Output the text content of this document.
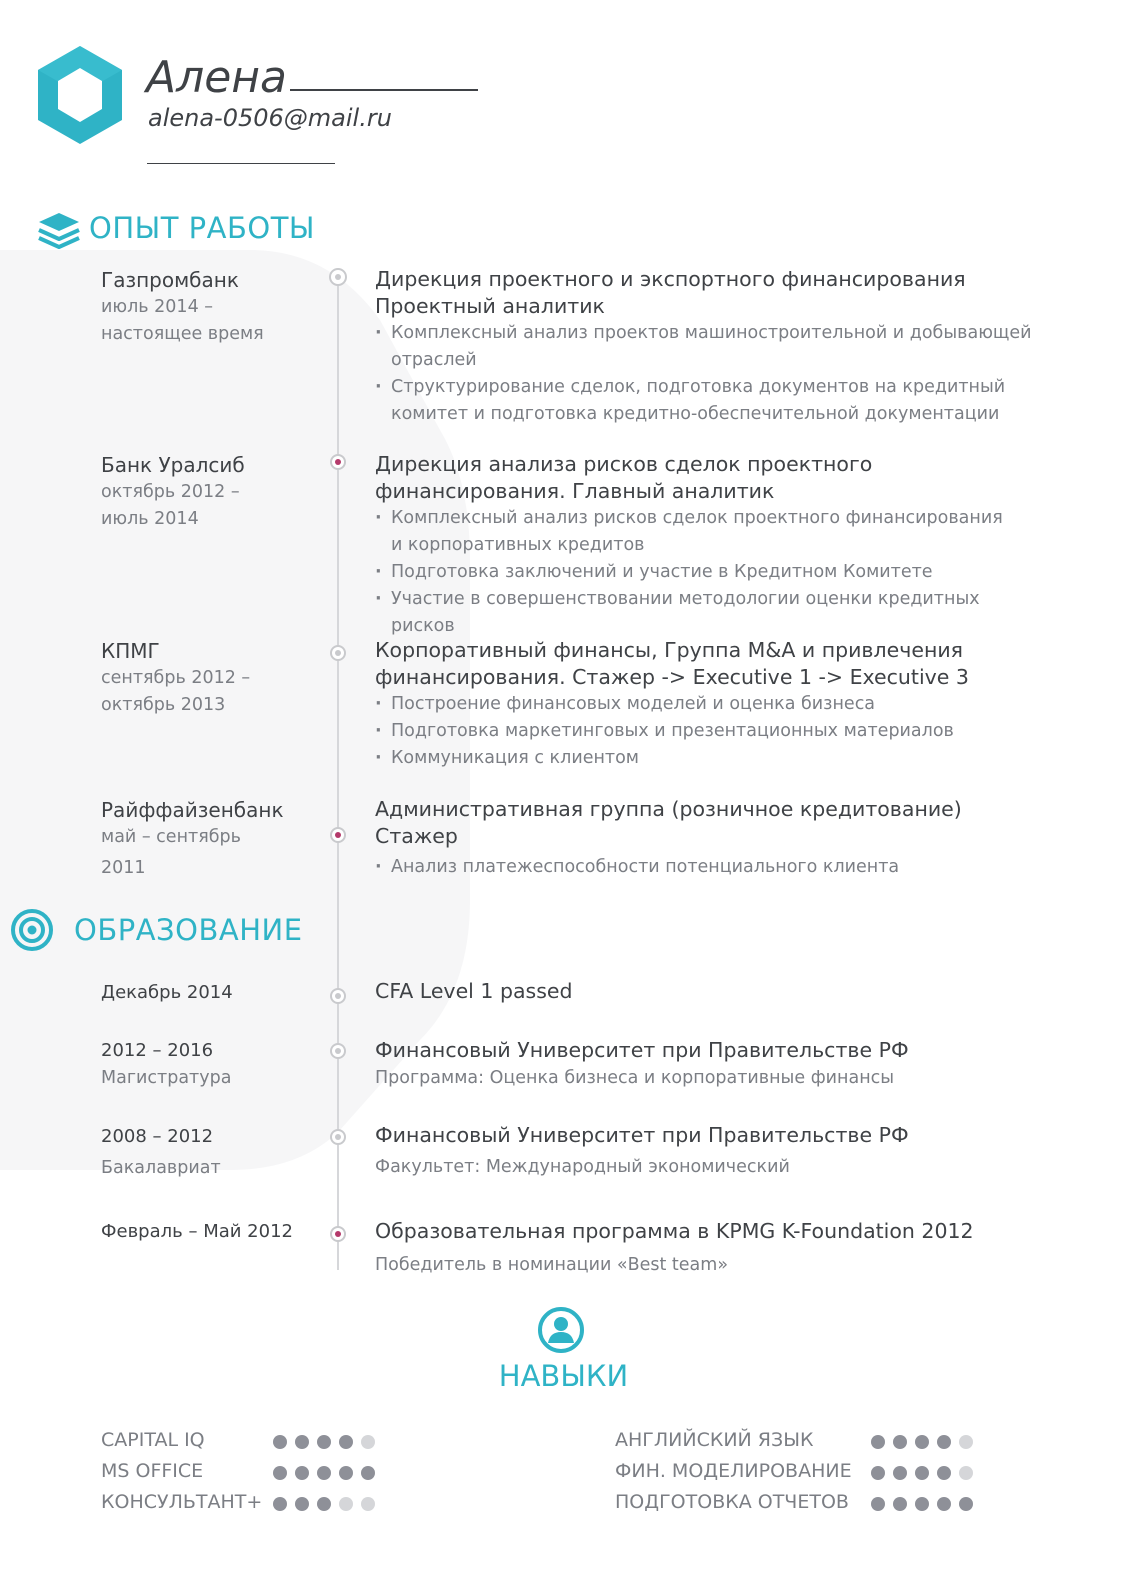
Алена
alena-0506@mail.ru
ОПЫТ РАБОТЫ
Газпромбанк
июль 2014 –
настоящее время
Дирекция проектного и экспортного финансирования
Проектный аналитик
· Комплексный анализ проектов машиностроительной и добывающей отраслей
· Структурирование сделок, подготовка документов на кредитный комитет и подготовка кредитно-обеспечительной документации
Банк Уралсиб
октябрь 2012 –
июль 2014
Дирекция анализа рисков сделок проектного
финансирования. Главный аналитик
· Комплексный анализ рисков сделок проектного финансирования и корпоративных кредитов
· Подготовка заключений и участие в Кредитном Комитете
· Участие в совершенствовании методологии оценки кредитных рисков
КПМГ
сентябрь 2012 –
октябрь 2013
Корпоративный финансы, Группа M&A и привлечения
финансирования. Стажер -> Executive 1 -> Executive 3
· Построение финансовых моделей и оценка бизнеса
· Подготовка маркетинговых и презентационных материалов
· Коммуникация с клиентом
Райффайзенбанк
май – сентябрь
2011
Административная группа (розничное кредитование)
Стажер
· Анализ платежеспособности потенциального клиента
ОБРАЗОВАНИЕ
Декабрь 2014	CFA Level 1 passed
2012 – 2016
Магистратура
Финансовый Университет при Правительстве РФ
Программа: Оценка бизнеса и корпоративные финансы
2008 – 2012
Бакалавриат
Финансовый Университет при Правительстве РФ
Факультет: Международный экономический
Февраль – Май 2012	Образовательная программа в KPMG K-Foundation 2012
Победитель в номинации «Best team»
НАВЫКИ
CAPITAL IQ
MS OFFICE
КОНСУЛЬТАНТ+
АНГЛИЙСКИЙ ЯЗЫК
ФИН. МОДЕЛИРОВАНИЕ
ПОДГОТОВКА ОТЧЕТОВ
